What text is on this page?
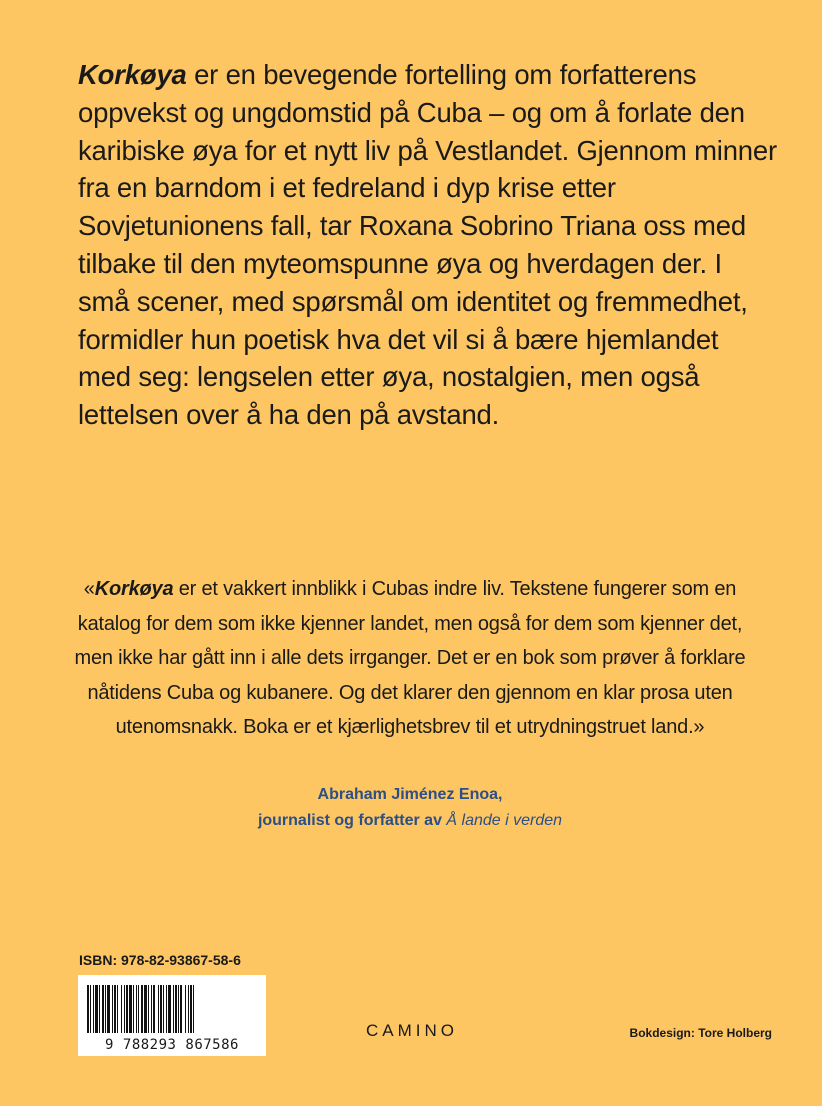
Korkøya er en bevegende fortelling om forfatterens oppvekst og ungdomstid på Cuba – og om å forlate den karibiske øya for et nytt liv på Vestlandet. Gjennom minner fra en barndom i et fedreland i dyp krise etter Sovjetunionens fall, tar Roxana Sobrino Triana oss med tilbake til den myteomspunne øya og hverdagen der. I små scener, med spørsmål om identitet og fremmedhet, formidler hun poetisk hva det vil si å bære hjemlandet med seg: lengselen etter øya, nostalgien, men også lettelsen over å ha den på avstand.
«Korkøya er et vakkert innblikk i Cubas indre liv. Tekstene fungerer som en katalog for dem som ikke kjenner landet, men også for dem som kjenner det, men ikke har gått inn i alle dets irrganger. Det er en bok som prøver å forklare nåtidens Cuba og kubanere. Og det klarer den gjennom en klar prosa uten utenomsnakk. Boka er et kjærlighetsbrev til et utrydningstruet land.»
Abraham Jiménez Enoa,
journalist og forfatter av Å lande i verden
ISBN: 978-82-93867-58-6
9 788293 867586
CAMINO	Bokdesign: Tore Holberg
